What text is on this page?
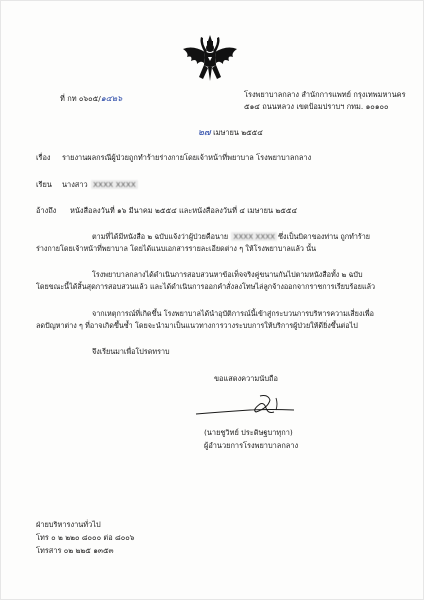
ที่ กท ๐๖๐๕/๑๔๒๖	โรงพยาบาลกลาง สำนักการแพทย์ กรุงเทพมหานคร
๕๑๔ ถนนหลวง เขตป้อมปราบฯ กทม. ๑๐๑๐๐
๒๗ เมษายน ๒๕๕๔
เรื่อง รายงานผลกรณีผู้ป่วยถูกทำร้ายร่างกายโดยเจ้าหน้าที่พยาบาล โรงพยาบาลกลาง
เรียน นางสาว XXXX XXXX
อ้างถึง หนังสือลงวันที่ ๑๖ มีนาคม ๒๕๕๔ และหนังสือลงวันที่ ๔ เมษายน ๒๕๕๔
ตามที่ได้มีหนังสือ ๒ ฉบับแจ้งว่าผู้ป่วยคือนาย XXXX XXXX ซึ่งเป็นบิดาของท่าน ถูกทำร้าย
ร่างกายโดยเจ้าหน้าที่พยาบาล โดยได้แนบเอกสารรายละเอียดต่าง ๆ ให้โรงพยาบาลแล้ว นั้น
โรงพยาบาลกลางได้ดำเนินการสอบสวนหาข้อเท็จจริงคู่ขนานกันไปตามหนังสือทั้ง ๒ ฉบับ
โดยขณะนี้ได้สิ้นสุดการสอบสวนแล้ว และได้ดำเนินการออกคำสั่งลงโทษไล่ลูกจ้างออกจากราชการเรียบร้อยแล้ว
จากเหตุการณ์ที่เกิดขึ้น โรงพยาบาลได้นำอุบัติการณ์นี้เข้าสู่กระบวนการบริหารความเสี่ยงเพื่อ
ลดปัญหาต่าง ๆ ที่อาจเกิดขึ้นซ้ำ โดยจะนำมาเป็นแนวทางการวางระบบการให้บริการผู้ป่วยให้ดียิ่งขึ้นต่อไป
จึงเรียนมาเพื่อโปรดทราบ
ขอแสดงความนับถือ
(นายชูวิทย์ ประดิษฐบาทุกา)
ผู้อำนวยการโรงพยาบาลกลาง
ฝ่ายบริหารงานทั่วไป
โทร ๐ ๒ ๒๒๐ ๘๐๐๐ ต่อ ๘๐๐๖
โทรสาร ๐๒ ๒๒๕ ๑๓๕๓
